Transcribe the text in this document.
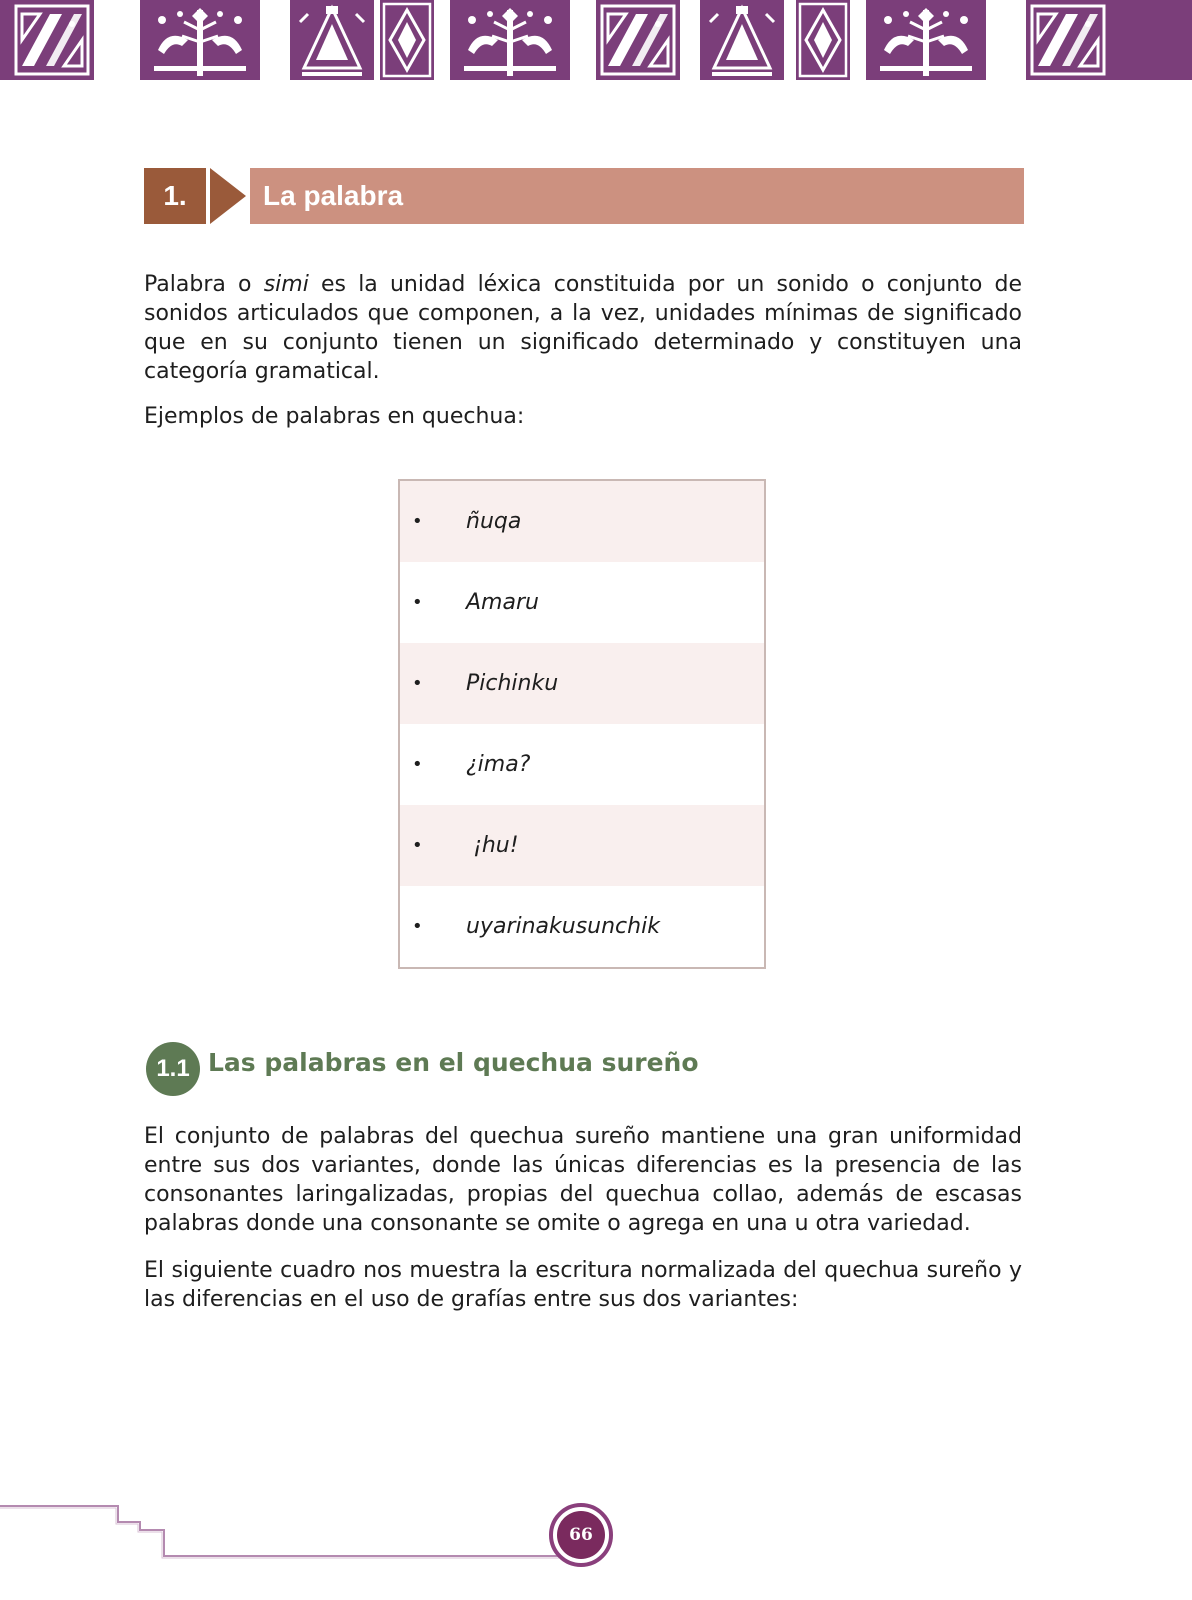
1.	La palabra

Palabra o simi es la unidad léxica constituida por un sonido o conjunto de sonidos articulados que componen, a la vez, unidades mínimas de significado que en su conjunto tienen un significado determinado y constituyen una categoría gramatical.

Ejemplos de palabras en quechua:

• ñuqa
• Amaru
• Pichinku
• ¿ima?
• ¡hu!
• uyarinakusunchik
1.1 Las palabras en el quechua sureño

El conjunto de palabras del quechua sureño mantiene una gran uniformidad entre sus dos variantes, donde las únicas diferencias es la presencia de las consonantes laringalizadas, propias del quechua collao, además de escasas palabras donde una consonante se omite o agrega en una u otra variedad.

El siguiente cuadro nos muestra la escritura normalizada del quechua sureño y las diferencias en el uso de grafías entre sus dos variantes:

66
